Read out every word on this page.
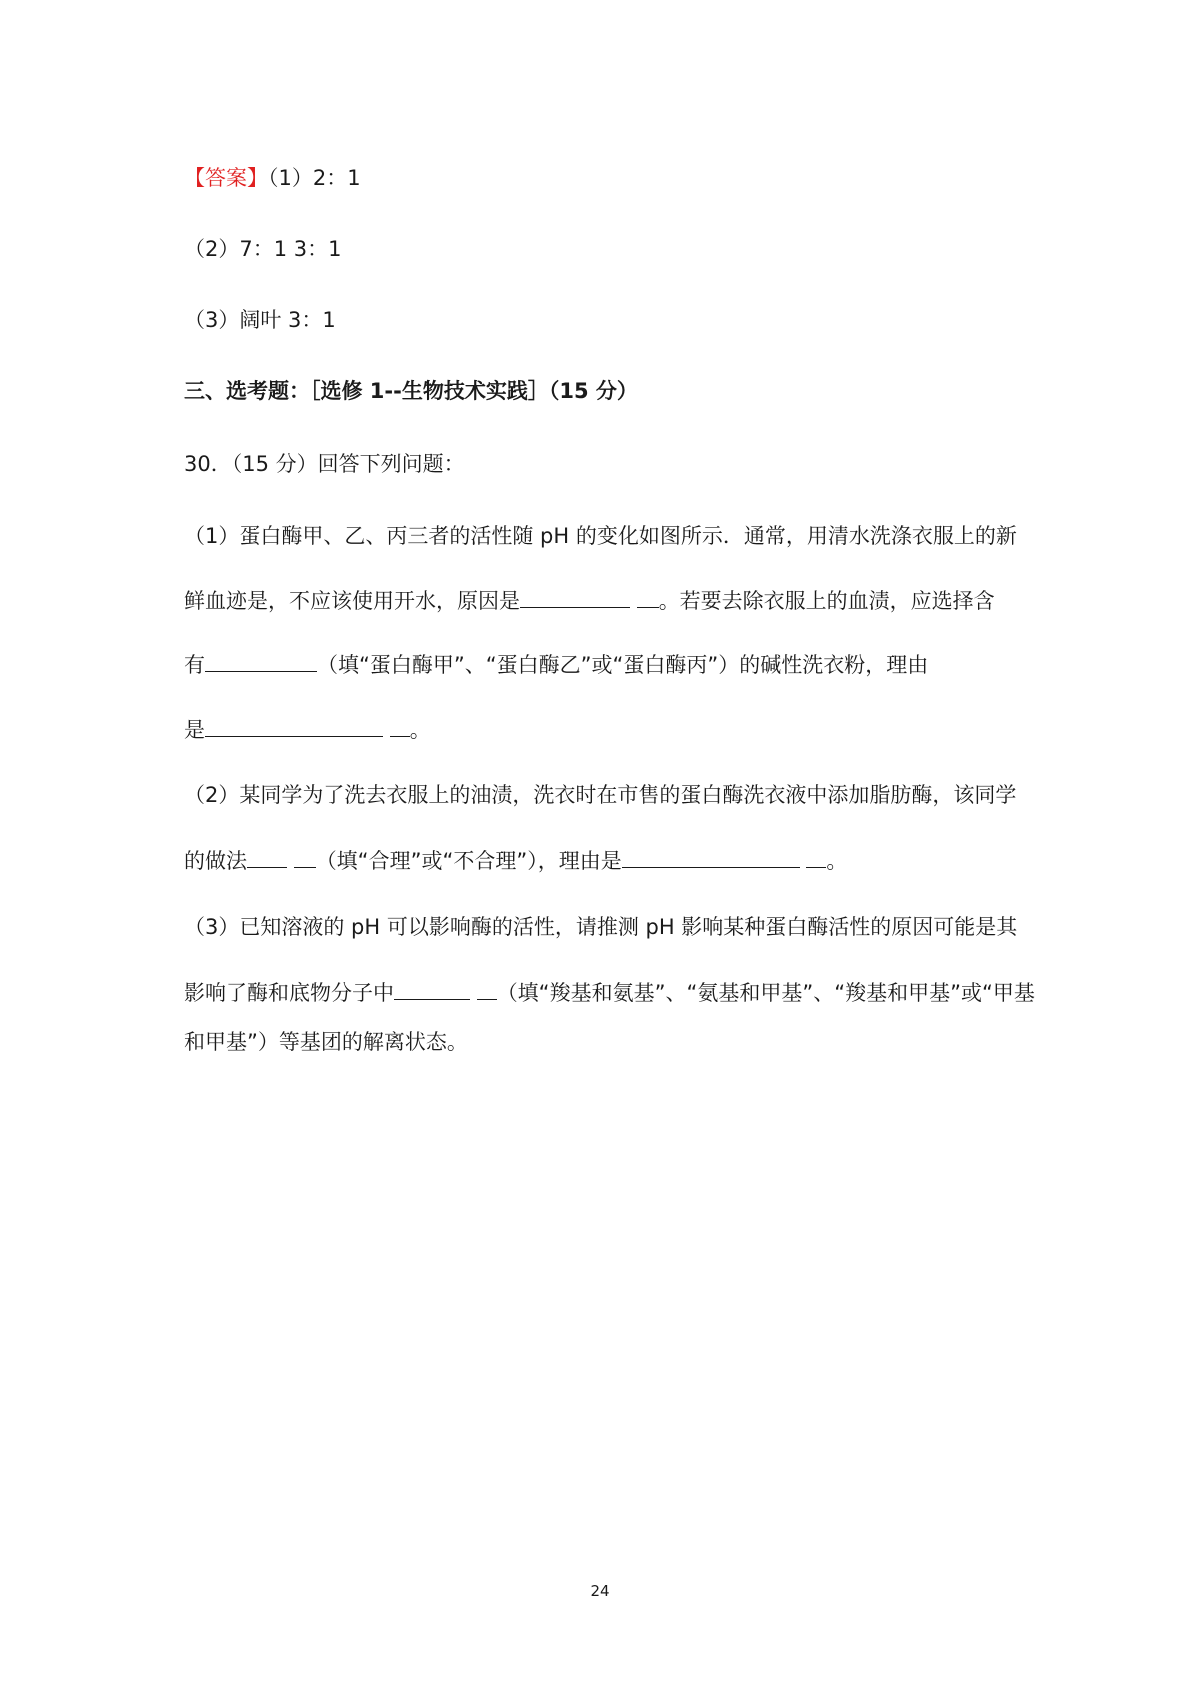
【答案】（1）2：1
（2）7：1 3：1
（3）阔叶 3：1
三、选考题：［选修 1--生物技术实践］（15 分）
30．（15 分）回答下列问题：
（1）蛋白酶甲、乙、丙三者的活性随 pH 的变化如图所示．通常，用清水洗涤衣服上的新
鲜血迹是，不应该使用开水，原因是	。若要去除衣服上的血渍，应选择含
有	（填“蛋白酶甲”、“蛋白酶乙”或“蛋白酶丙”）的碱性洗衣粉，理由
是	。
（2）某同学为了洗去衣服上的油渍，洗衣时在市售的蛋白酶洗衣液中添加脂肪酶，该同学
的做法	（填“合理”或“不合理”），理由是	。
（3）已知溶液的 pH 可以影响酶的活性，请推测 pH 影响某种蛋白酶活性的原因可能是其
影响了酶和底物分子中	（填“羧基和氨基”、“氨基和甲基”、“羧基和甲基”或“甲基
和甲基”）等基团的解离状态。
24
